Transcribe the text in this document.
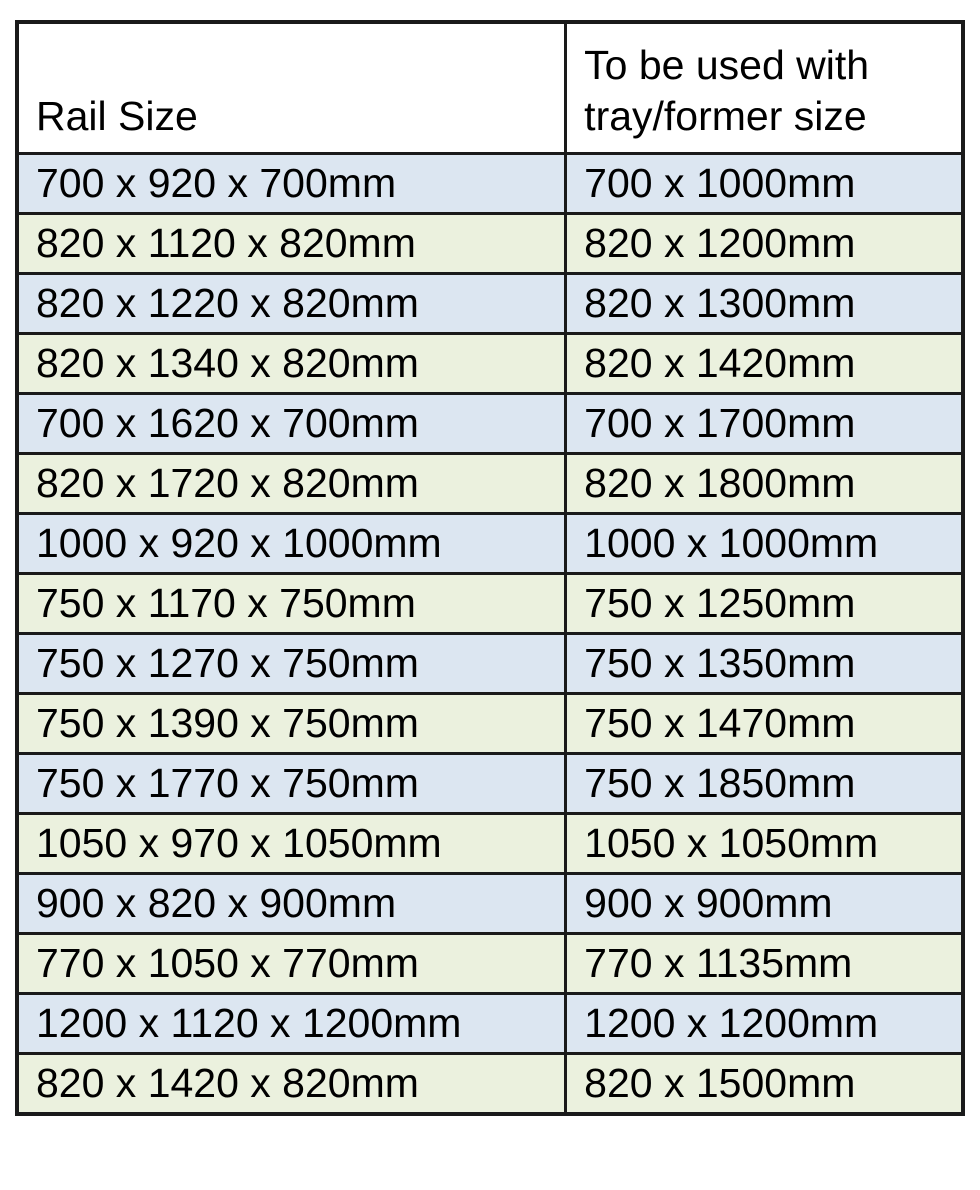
Rail Size	To be used with tray/former size
700 x 920 x 700mm	700 x 1000mm
820 x 1120 x 820mm	820 x 1200mm
820 x 1220 x 820mm	820 x 1300mm
820 x 1340 x 820mm	820 x 1420mm
700 x 1620 x 700mm	700 x 1700mm
820 x 1720 x 820mm	820 x 1800mm
1000 x 920 x 1000mm	1000 x 1000mm
750 x 1170 x 750mm	750 x 1250mm
750 x 1270 x 750mm	750 x 1350mm
750 x 1390 x 750mm	750 x 1470mm
750 x 1770 x 750mm	750 x 1850mm
1050 x 970 x 1050mm	1050 x 1050mm
900 x 820 x 900mm	900 x 900mm
770 x 1050 x 770mm	770 x 1135mm
1200 x 1120 x 1200mm	1200 x 1200mm
820 x 1420 x 820mm	820 x 1500mm
